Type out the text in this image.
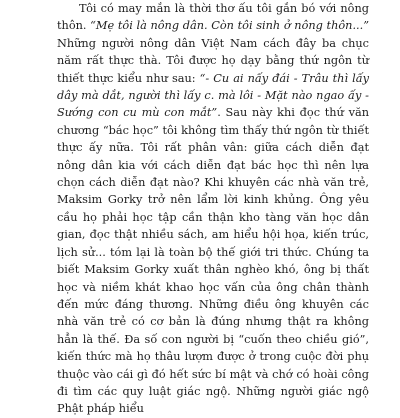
Tôi có may mắn là thời thơ ấu tôi gắn bó với nông thôn. “Mẹ tôi là nông dân. Còn tôi sinh ở nông thôn...” Những người nông dân Việt Nam cách đây ba chục năm rất thực thà. Tôi được họ dạy bằng thứ ngôn từ thiết thực kiểu như sau: “- Cu ai nấy đái - Trâu thì lấy dây mà dắt, người thì lấy c. mà lôi - Mặt nào ngao ấy - Sướng con cu mù con mắt”. Sau này khi đọc thứ văn chương “bác học” tôi không tìm thấy thứ ngôn từ thiết thực ấy nữa. Tôi rất phân vân: giữa cách diễn đạt nông dân kia với cách diễn đạt bác học thì nên lựa chọn cách diễn đạt nào? Khi khuyên các nhà văn trẻ, Maksim Gorky trở nên lẩm lời kinh khủng. Ông yêu cầu họ phải học tập cần thận kho tàng văn học dân gian, đọc thật nhiều sách, am hiểu hội họa, kiến trúc, lịch sử... tóm lại là toàn bộ thế giới tri thức. Chúng ta biết Maksim Gorky xuất thân nghèo khó, ông bị thất học và niềm khát khao học vấn của ông chân thành đến mức đáng thương. Những điều ông khuyên các nhà văn trẻ có cơ bản là đúng nhưng thật ra không hẳn là thế. Đa số con người bị “cuốn theo chiều gió”, kiến thức mà họ thâu lượm được ở trong cuộc đời phụ thuộc vào cái gì đó hết sức bí mật và chớ có hoài công đi tìm các quy luật giác ngộ. Những người giác ngộ Phật pháp hiểu
